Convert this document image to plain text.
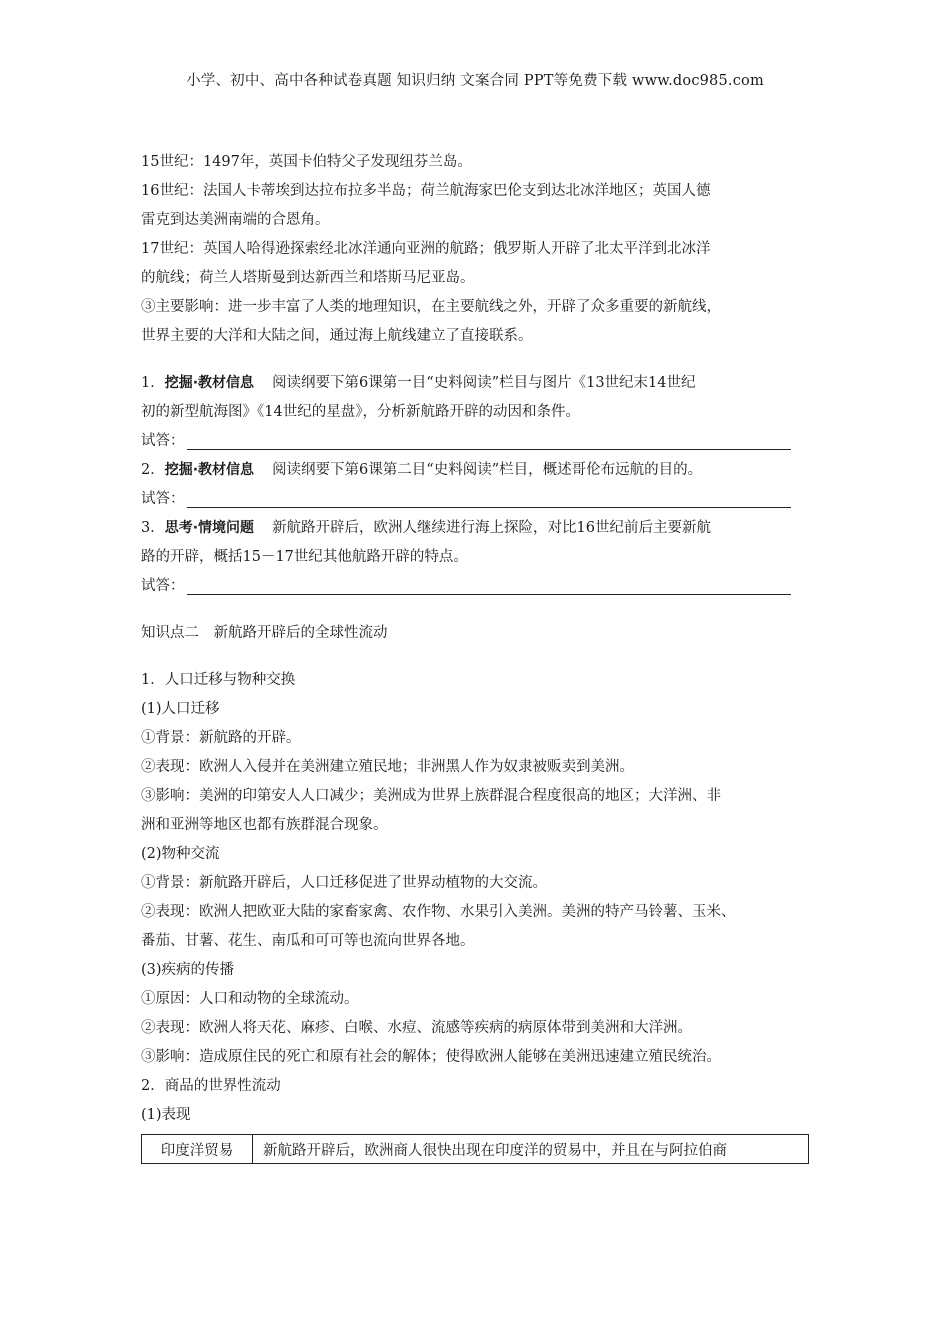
小学、初中、高中各种试卷真题 知识归纳 文案合同 PPT等免费下载 www.doc985.com
15世纪：1497年，英国卡伯特父子发现纽芬兰岛。
16世纪：法国人卡蒂埃到达拉布拉多半岛；荷兰航海家巴伦支到达北冰洋地区；英国人德
雷克到达美洲南端的合恩角。
17世纪：英国人哈得逊探索经北冰洋通向亚洲的航路；俄罗斯人开辟了北太平洋到北冰洋
的航线；荷兰人塔斯曼到达新西兰和塔斯马尼亚岛。
③主要影响：进一步丰富了人类的地理知识，在主要航线之外，开辟了众多重要的新航线，
世界主要的大洋和大陆之间，通过海上航线建立了直接联系。
1．挖掘·教材信息 阅读纲要下第6课第一目“史料阅读”栏目与图片《13世纪末14世纪
初的新型航海图》《14世纪的星盘》，分析新航路开辟的动因和条件。
试答：
2．挖掘·教材信息 阅读纲要下第6课第二目“史料阅读”栏目，概述哥伦布远航的目的。
试答：
3．思考·情境问题 新航路开辟后，欧洲人继续进行海上探险，对比16世纪前后主要新航
路的开辟，概括15－17世纪其他航路开辟的特点。
试答：
知识点二　新航路开辟后的全球性流动
1．人口迁移与物种交换
(1)人口迁移
①背景：新航路的开辟。
②表现：欧洲人入侵并在美洲建立殖民地；非洲黑人作为奴隶被贩卖到美洲。
③影响：美洲的印第安人人口减少；美洲成为世界上族群混合程度很高的地区；大洋洲、非
洲和亚洲等地区也都有族群混合现象。
(2)物种交流
①背景：新航路开辟后，人口迁移促进了世界动植物的大交流。
②表现：欧洲人把欧亚大陆的家畜家禽、农作物、水果引入美洲。美洲的特产马铃薯、玉米、
番茄、甘薯、花生、南瓜和可可等也流向世界各地。
(3)疾病的传播
①原因：人口和动物的全球流动。
②表现：欧洲人将天花、麻疹、白喉、水痘、流感等疾病的病原体带到美洲和大洋洲。
③影响：造成原住民的死亡和原有社会的解体；使得欧洲人能够在美洲迅速建立殖民统治。
2．商品的世界性流动
(1)表现
印度洋贸易	新航路开辟后，欧洲商人很快出现在印度洋的贸易中，并且在与阿拉伯商
